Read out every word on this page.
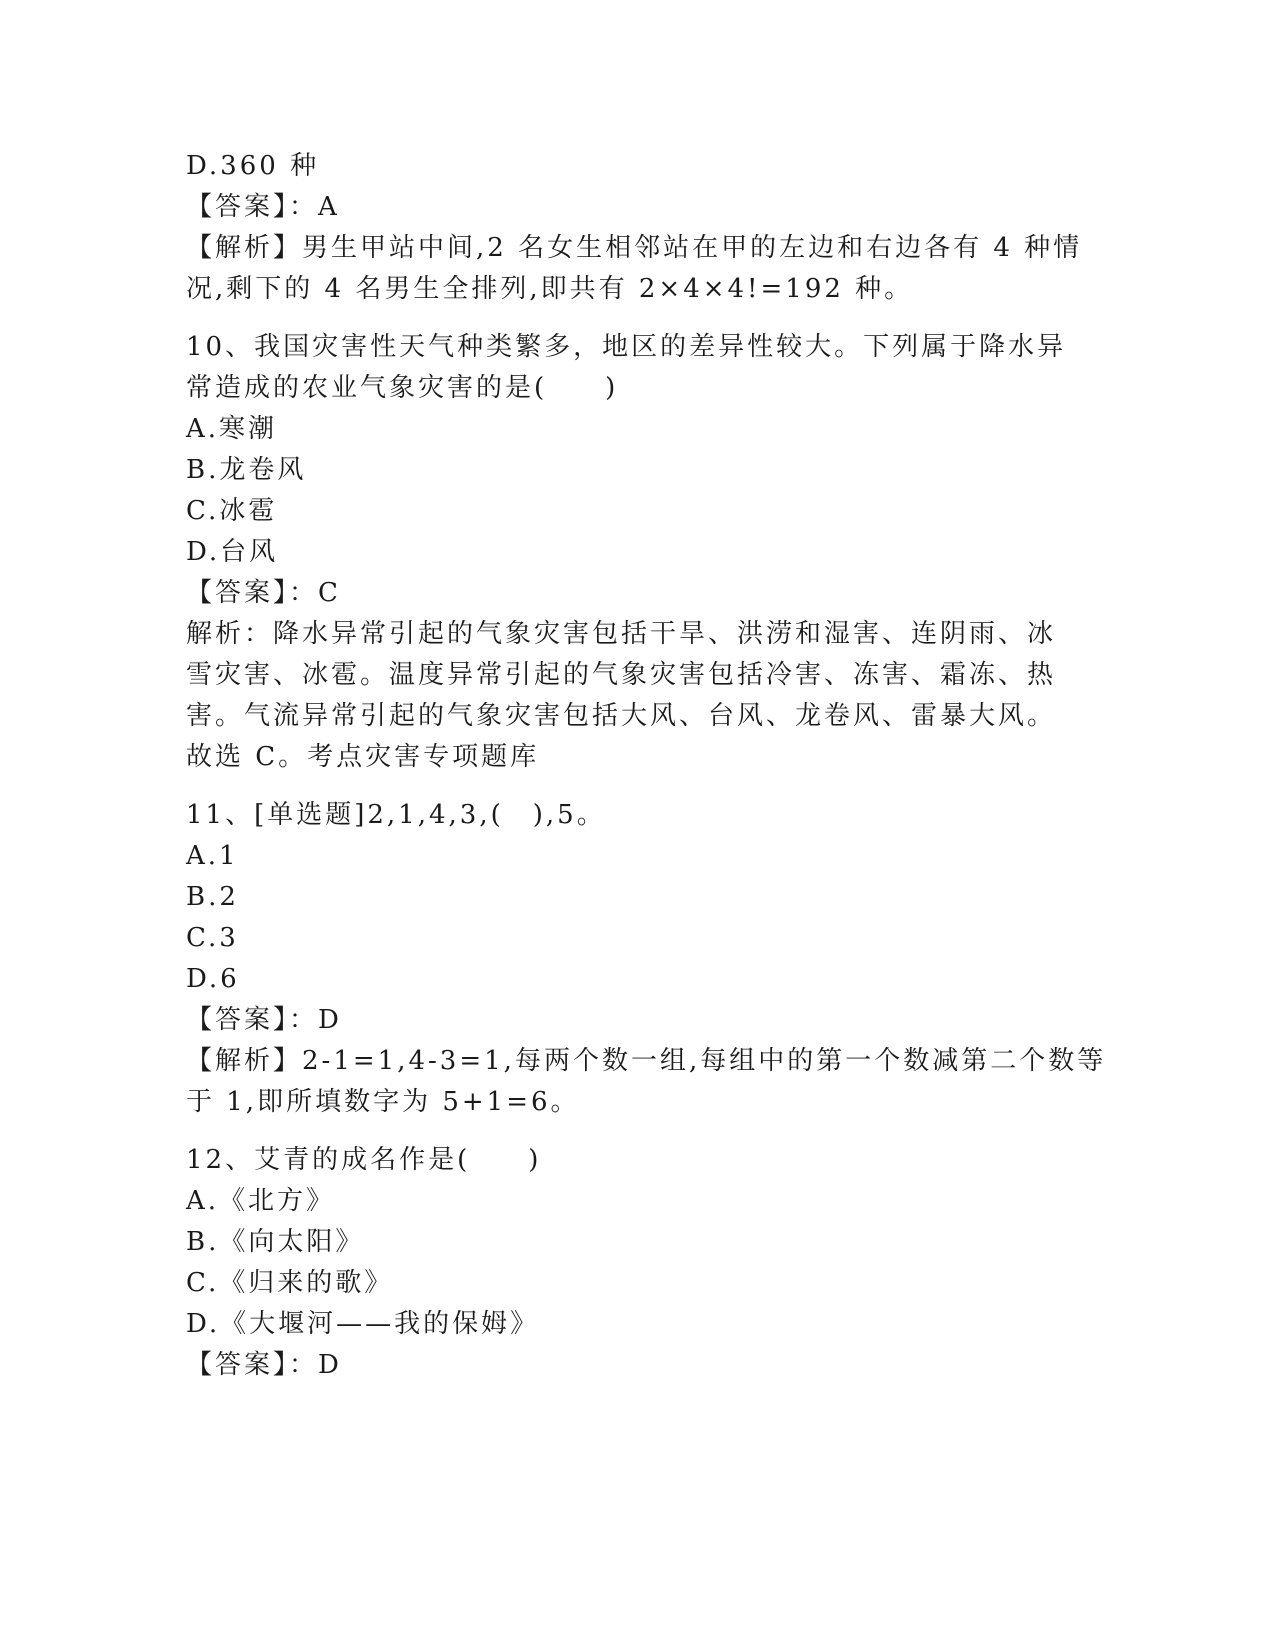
D.360 种
【答案】：A
【解析】男生甲站中间,2 名女生相邻站在甲的左边和右边各有 4 种情
况,剩下的 4 名男生全排列,即共有 2×4×4!=192 种。
10、我国灾害性天气种类繁多，地区的差异性较大。下列属于降水异
常造成的农业气象灾害的是(　　)
A.寒潮
B.龙卷风
C.冰雹
D.台风
【答案】：C
解析：降水异常引起的气象灾害包括干旱、洪涝和湿害、连阴雨、冰
雪灾害、冰雹。温度异常引起的气象灾害包括冷害、冻害、霜冻、热
害。气流异常引起的气象灾害包括大风、台风、龙卷风、雷暴大风。
故选 C。考点灾害专项题库
11、[单选题]2,1,4,3,(　),5。
A.1
B.2
C.3
D.6
【答案】：D
【解析】2-1=1,4-3=1,每两个数一组,每组中的第一个数减第二个数等
于 1,即所填数字为 5+1=6。
12、艾青的成名作是(　　)
A.《北方》
B.《向太阳》
C.《归来的歌》
D.《大堰河——我的保姆》
【答案】：D
